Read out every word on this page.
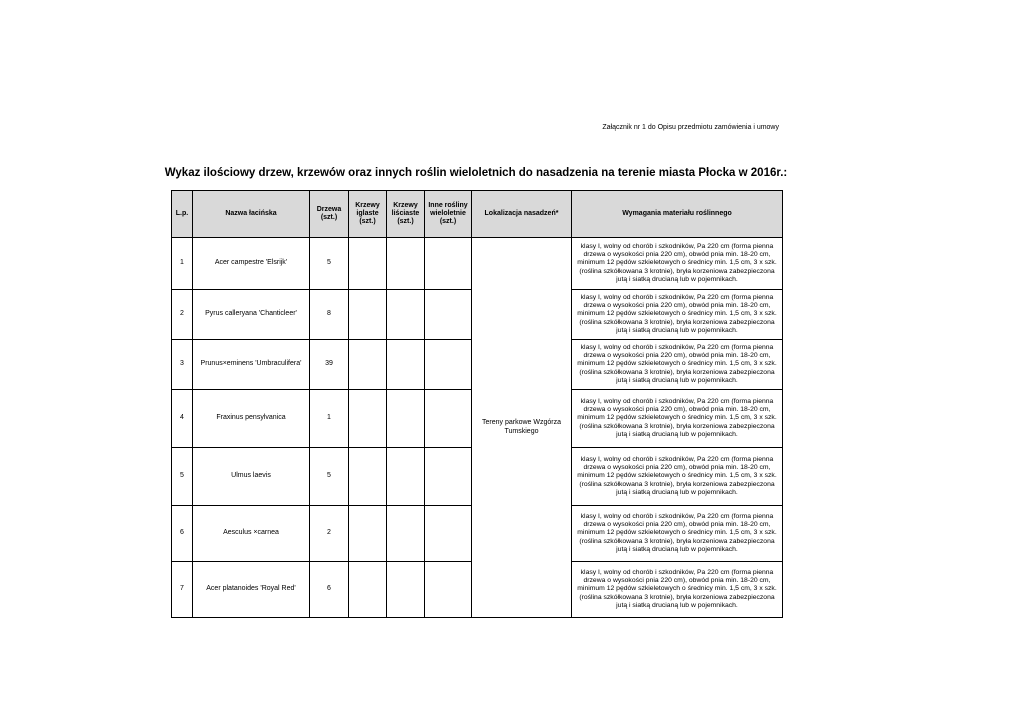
Załącznik nr 1 do Opisu przedmiotu zamówienia i umowy
Wykaz ilościowy drzew, krzewów oraz innych roślin wieloletnich do nasadzenia na terenie miasta Płocka w 2016r.:
L.p.	Nazwa łacińska	Drzewa (szt.)	Krzewy iglaste (szt.)	Krzewy liściaste (szt.)	Inne rośliny wieloletnie (szt.)	Lokalizacja nasadzeń*	Wymagania materiału roślinnego
1	Acer campestre 'Elsrijk'	5				Tereny parkowe Wzgórza Tumskiego	klasy I, wolny od chorób i szkodników, Pa 220 cm (forma pienna drzewa o wysokości pnia 220 cm), obwód pnia min. 18-20 cm, minimum 12 pędów szkieletowych o średnicy min. 1,5 cm, 3 x szk. (roślina szkółkowana 3 krotnie), bryła korzeniowa zabezpieczona jutą i siatką drucianą lub w pojemnikach.
2	Pyrus calleryana 'Chanticleer'	8					klasy I, wolny od chorób i szkodników, Pa 220 cm (forma pienna drzewa o wysokości pnia 220 cm), obwód pnia min. 18-20 cm, minimum 12 pędów szkieletowych o średnicy min. 1,5 cm, 3 x szk. (roślina szkółkowana 3 krotnie), bryła korzeniowa zabezpieczona jutą i siatką drucianą lub w pojemnikach.
3	Prunus×eminens 'Umbraculifera'	39					klasy I, wolny od chorób i szkodników, Pa 220 cm (forma pienna drzewa o wysokości pnia 220 cm), obwód pnia min. 18-20 cm, minimum 12 pędów szkieletowych o średnicy min. 1,5 cm, 3 x szk. (roślina szkółkowana 3 krotnie), bryła korzeniowa zabezpieczona jutą i siatką drucianą lub w pojemnikach.
4	Fraxinus pensylvanica	1					klasy I, wolny od chorób i szkodników, Pa 220 cm (forma pienna drzewa o wysokości pnia 220 cm), obwód pnia min. 18-20 cm, minimum 12 pędów szkieletowych o średnicy min. 1,5 cm, 3 x szk. (roślina szkółkowana 3 krotnie), bryła korzeniowa zabezpieczona jutą i siatką drucianą lub w pojemnikach.
5	Ulmus laevis	5					klasy I, wolny od chorób i szkodników, Pa 220 cm (forma pienna drzewa o wysokości pnia 220 cm), obwód pnia min. 18-20 cm, minimum 12 pędów szkieletowych o średnicy min. 1,5 cm, 3 x szk. (roślina szkółkowana 3 krotnie), bryła korzeniowa zabezpieczona jutą i siatką drucianą lub w pojemnikach.
6	Aesculus ×carnea	2					klasy I, wolny od chorób i szkodników, Pa 220 cm (forma pienna drzewa o wysokości pnia 220 cm), obwód pnia min. 18-20 cm, minimum 12 pędów szkieletowych o średnicy min. 1,5 cm, 3 x szk. (roślina szkółkowana 3 krotnie), bryła korzeniowa zabezpieczona jutą i siatką drucianą lub w pojemnikach.
7	Acer platanoides 'Royal Red'	6					klasy I, wolny od chorób i szkodników, Pa 220 cm (forma pienna drzewa o wysokości pnia 220 cm), obwód pnia min. 18-20 cm, minimum 12 pędów szkieletowych o średnicy min. 1,5 cm, 3 x szk. (roślina szkółkowana 3 krotnie), bryła korzeniowa zabezpieczona jutą i siatką drucianą lub w pojemnikach.
